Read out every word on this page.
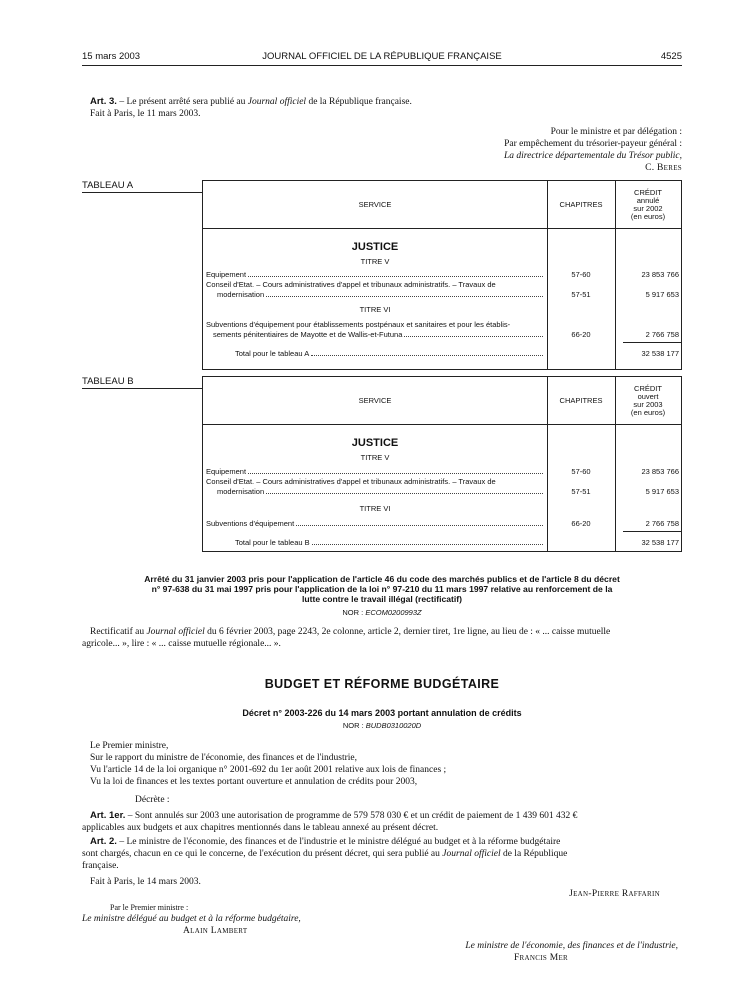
15 mars 2003	JOURNAL OFFICIEL DE LA RÉPUBLIQUE FRANÇAISE	4525
Art. 3. – Le présent arrêté sera publié au Journal officiel de la République française.
Fait à Paris, le 11 mars 2003.
Pour le ministre et par délégation :
Par empêchement du trésorier-payeur général :
La directrice départementale du Trésor public,
C. Beres
TABLEAU A
SERVICE	CHAPITRES
CRÉDIT
annulé
sur 2002
(en euros)
JUSTICE
TITRE V
Equipement	57-60	23 853 766
Conseil d'Etat. – Cours administratives d'appel et tribunaux administratifs. – Travaux de
modernisation	57-51	5 917 653
TITRE VI
Subventions d'équipement pour établissements postpénaux et sanitaires et pour les établis-
sements pénitentiaires de Mayotte et de Wallis-et-Futuna	66-20	2 766 758
Total pour le tableau A	32 538 177
TABLEAU B
SERVICE	CHAPITRES
CRÉDIT
ouvert
sur 2003
(en euros)
JUSTICE
TITRE V
Equipement	57-60	23 853 766
Conseil d'Etat. – Cours administratives d'appel et tribunaux administratifs. – Travaux de
modernisation	57-51	5 917 653
TITRE VI
Subventions d'équipement	66-20	2 766 758
Total pour le tableau B	32 538 177
Arrêté du 31 janvier 2003 pris pour l'application de l'article 46 du code des marchés publics et de l'article 8 du décret
n° 97-638 du 31 mai 1997 pris pour l'application de la loi n° 97-210 du 11 mars 1997 relative au renforcement de la
lutte contre le travail illégal (rectificatif)
NOR : ECOM0200993Z
Rectificatif au Journal officiel du 6 février 2003, page 2243, 2e colonne, article 2, dernier tiret, 1re ligne, au lieu de : « ... caisse mutuelle
agricole... », lire : « ... caisse mutuelle régionale... ».
BUDGET ET RÉFORME BUDGÉTAIRE
Décret n° 2003-226 du 14 mars 2003 portant annulation de crédits
NOR : BUDB0310020D
Le Premier ministre,
Sur le rapport du ministre de l'économie, des finances et de l'industrie,
Vu l'article 14 de la loi organique n° 2001-692 du 1er août 2001 relative aux lois de finances ;
Vu la loi de finances et les textes portant ouverture et annulation de crédits pour 2003,
Décrète :
Art. 1er. – Sont annulés sur 2003 une autorisation de programme de 579 578 030 € et un crédit de paiement de 1 439 601 432 €
applicables aux budgets et aux chapitres mentionnés dans le tableau annexé au présent décret.
Art. 2. – Le ministre de l'économie, des finances et de l'industrie et le ministre délégué au budget et à la réforme budgétaire
sont chargés, chacun en ce qui le concerne, de l'exécution du présent décret, qui sera publié au Journal officiel de la République
française.
Fait à Paris, le 14 mars 2003.
Jean-Pierre Raffarin
Par le Premier ministre :
Le ministre délégué au budget et à la réforme budgétaire,
Alain Lambert
Le ministre de l'économie, des finances et de l'industrie,
Francis Mer
